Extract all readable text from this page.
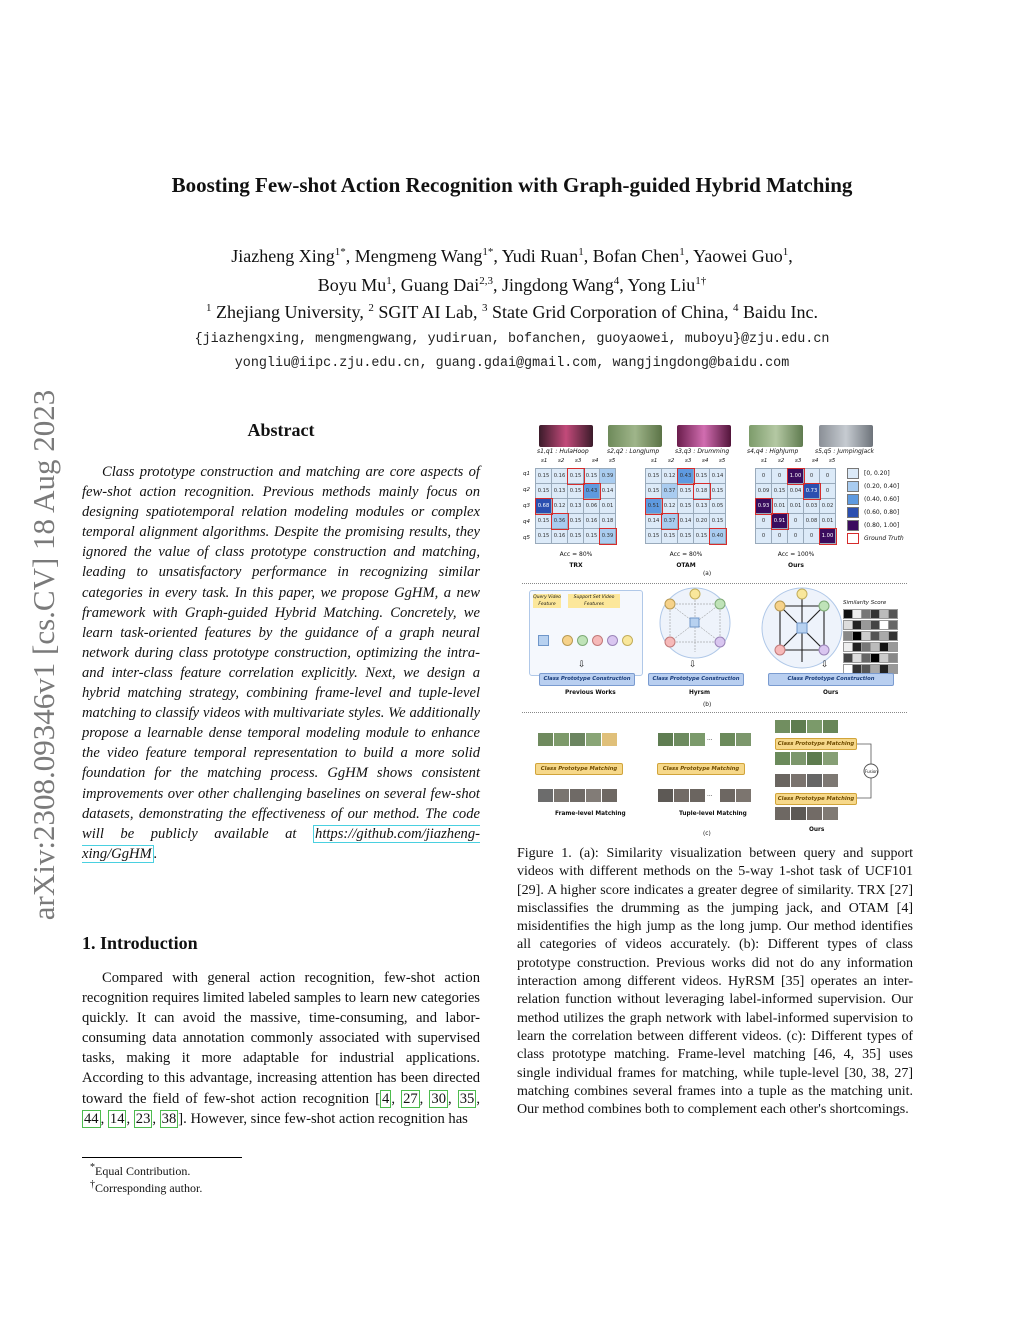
arXiv:2308.09346v1 [cs.CV] 18 Aug 2023
Boosting Few-shot Action Recognition with Graph-guided Hybrid Matching
Jiazheng Xing$^{1*}$, Mengmeng Wang$^{1*}$, Yudi Ruan$^1$, Bofan Chen$^1$, Yaowei Guo$^1$,
Boyu Mu$^1$, Guang Dai$^{2,3}$, Jingdong Wang$^4$, Yong Liu$^{1\dagger}$
$^1$ Zhejiang University, $^2$ SGIT AI Lab, $^3$ State Grid Corporation of China, $^4$ Baidu Inc.
{jiazhengxing, mengmengwang, yudiruan, bofanchen, guoyaowei, muboyu}@zju.edu.cn
yongliu@iipc.zju.edu.cn, guang.gdai@gmail.com, wangjingdong@baidu.com
Abstract
Class prototype construction and matching are core aspects of few-shot action recognition. Previous methods mainly focus on designing spatiotemporal relation modeling modules or complex temporal alignment algorithms. Despite the promising results, they ignored the value of class prototype construction and matching, leading to unsatisfactory performance in recognizing similar categories in every task. In this paper, we propose GgHM, a new framework with Graph-guided Hybrid Matching. Concretely, we learn task-oriented features by the guidance of a graph neural network during class prototype construction, optimizing the intra- and inter-class feature correlation explicitly. Next, we design a hybrid matching strategy, combining frame-level and tuple-level matching to classify videos with multivariate styles. We additionally propose a learnable dense temporal modeling module to enhance the video feature temporal representation to build a more solid foundation for the matching process. GgHM shows consistent improvements over other challenging baselines on several few-shot datasets, demonstrating the effectiveness of our method. The code will be publicly available at https://github.com/jiazheng-xing/GgHM .
1. Introduction
Compared with general action recognition, few-shot action recognition requires limited labeled samples to learn new categories quickly. It can avoid the massive, time-consuming, and labor-consuming data annotation commonly associated with supervised tasks, making it more adaptable for industrial applications. According to this advantage, increasing attention has been directed toward the field of few-shot action recognition [ 4 , 27 , 30 , 35 , 44 , 14 , 23 , 38 ]. However, since few-shot action recognition has
*Equal Contribution.
†Corresponding author.
s1,q1 : HulaHoop	s2,q2 : LongJump	s3,q3 : Drumming	s4,q4 : HighJump	s5,q5 : JumpingJack
s1 s2 s3 s4 s5
0.15	0.16	0.15	0.15	0.39
0.15	0.13	0.15	0.43	0.14
0.68	0.12	0.13	0.06	0.01
0.15	0.36	0.15	0.16	0.18
0.15	0.16	0.15	0.15	0.39
q1
q2
q3
q4
q5
Acc = 80%
TRX
s1 s2 s3 s4 s5
0.15	0.12	0.43	0.15	0.14
0.15	0.37	0.15	0.18	0.15
0.51	0.12	0.15	0.13	0.05
0.14	0.37	0.14	0.20	0.15
0.15	0.15	0.15	0.15	0.40
Acc = 80%
OTAM
s1 s2 s3 s4 s5
0	0	1.00	0	0
0.09	0.15	0.04	0.73	0
0.93	0.01	0.01	0.03	0.02
0	0.91	0	0.08	0.01
0	0	0	0	1.00
Acc = 100%
Ours
[0, 0.20]
(0.20, 0.40]
(0.40, 0.60]
(0.60, 0.80]
(0.80, 1.00]
Ground Truth
(a)
Query Video Feature
Support Set Video Features	Similarity Score
⇩	⇩	⇩
Class Prototype Construction	Class Prototype Construction	Class Prototype Construction
Previous Works	Hyrsm	Ours
(b)
...
Class Prototype Matching	Class Prototype Matching
...
Class Prototype Matching
Class Prototype Matching
Fusion
Frame-level Matching	Tuple-level Matching
Ours
(c)
Figure 1. (a): Similarity visualization between query and support videos with different methods on the 5-way 1-shot task of UCF101 [29]. A higher score indicates a greater degree of similarity. TRX [27] misclassifies the drumming as the jumping jack, and OTAM [4] misidentifies the high jump as the long jump. Our method identifies all categories of videos accurately. (b): Different types of class prototype construction. Previous works did not do any information interaction among different videos. HyRSM [35] operates an inter-relation function without leveraging label-informed supervision. Our method utilizes the graph network with label-informed supervision to learn the correlation between different videos. (c): Different types of class prototype matching. Frame-level matching [46, 4, 35] uses single individual frames for matching, while tuple-level [30, 38, 27] matching combines several frames into a tuple as the matching unit. Our method combines both to complement each other's shortcomings.
